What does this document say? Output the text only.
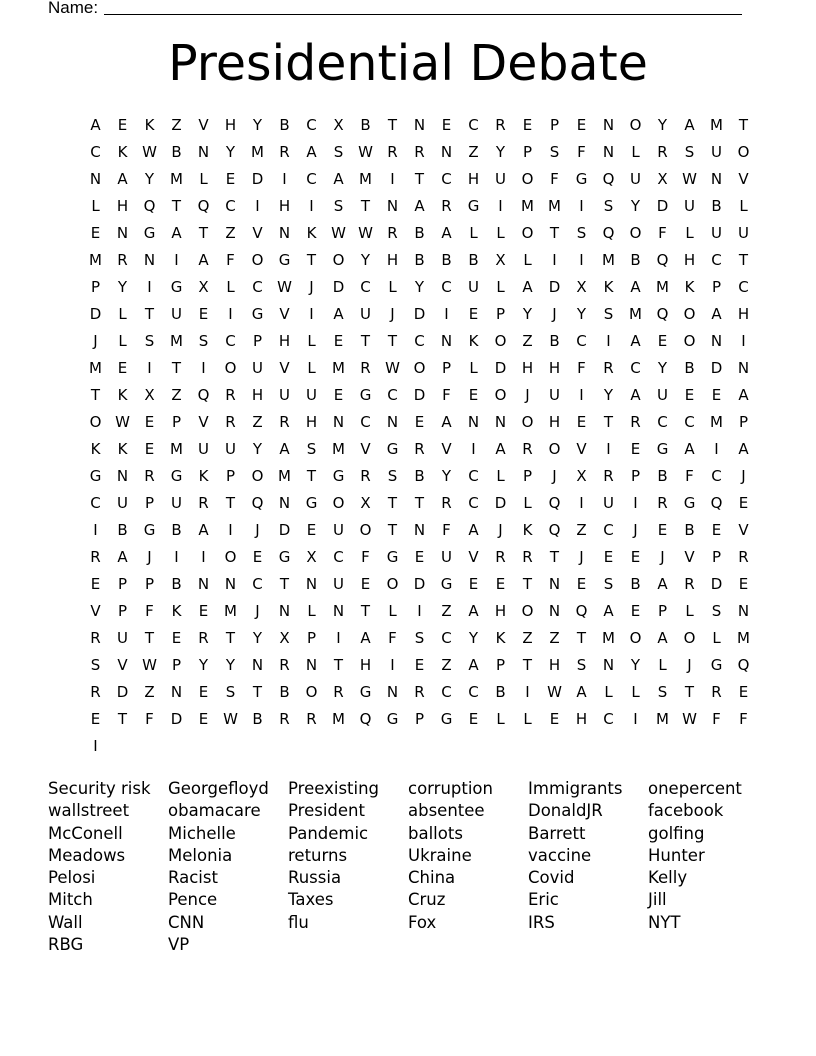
Name:
Presidential Debate
A	E	K	Z	V	H	Y	B	C	X	B	T	N	E	C	R	E	P	E	N	O	Y	A	M	T
C	K W B	N	Y	M	R	A	S W R	R	N	Z	Y	P	S	F	N	L	R	S	U	O
N	A	Y	M	L	E	D	I	C	A	M	I	T	C	H	U	O	F	G	Q	U	X W N	V
L	H	Q	T	Q	C	I	H	I	S	T	N	A	R	G	I	M M	I	S	Y	D	U	B	L
E	N	G	A	T	Z	V	N	K W W R	B	A	L	L	O	T	S	Q	O	F	L	U	U
M	R	N	I	A	F	O	G	T	O	Y	H	B	B	B	X	L	I	I	M	B	Q	H	C	T
P	Y	I	G	X	L	C W	J	D	C	L	Y	C	U	L	A	D	X	K	A	M	K	P	C
D	L	T	U	E	I	G	V	I	A	U	J	D	I	E	P	Y	J	Y	S	M Q	O	A	H
J	L	S	M	S	C	P	H	L	E	T	T	C	N	K	O	Z	B	C	I	A	E	O	N	I
M	E	I	T	I	O	U	V	L	M	R W O	P	L	D	H	H	F	R	C	Y	B	D	N
T	K	X	Z	Q	R	H	U	U	E	G	C	D	F	E	O	J	U	I	Y	A	U	E	E	A
O W E	P	V	R	Z	R	H	N	C	N	E	A	N	N	O	H	E	T	R	C	C	M	P
K	K	E	M	U	U	Y	A	S	M	V	G	R	V	I	A	R	O	V	I	E	G	A	I	A
G	N	R	G	K	P	O M	T	G	R	S	B	Y	C	L	P	J	X	R	P	B	F	C	J
C	U	P	U	R	T	Q	N	G	O	X	T	T	R	C	D	L	Q	I	U	I	R	G	Q	E
I	B	G	B	A	I	J	D	E	U	O	T	N	F	A	J	K	Q	Z	C	J	E	B	E	V
R	A	J	I	I	O	E	G	X	C	F	G	E	U	V	R	R	T	J	E	E	J	V	P	R
E	P	P	B	N	N	C	T	N	U	E	O	D	G	E	E	T	N	E	S	B	A	R	D	E
V	P	F	K	E	M	J	N	L	N	T	L	I	Z	A	H	O	N	Q	A	E	P	L	S	N
R	U	T	E	R	T	Y	X	P	I	A	F	S	C	Y	K	Z	Z	T	M O	A	O	L	M
S	V W	P	Y	Y	N	R	N	T	H	I	E	Z	A	P	T	H	S	N	Y	L	J	G	Q
R	D	Z	N	E	S	T	B	O	R	G	N	R	C	C	B	I	W A	L	L	S	T	R	E
E	T	F	D	E W B	R	R	M Q	G	P	G	E	L	L	E	H	C	I	M W	F	F
I
Security risk	Georgefloyd	Preexisting	corruption	Immigrants	onepercent
wallstreet	obamacare	President	absentee	DonaldJR	facebook
McConell	Michelle	Pandemic	ballots	Barrett	golfing
Meadows	Melonia	returns	Ukraine	vaccine	Hunter
Pelosi	Racist	Russia	China	Covid	Kelly
Mitch	Pence	Taxes	Cruz	Eric	Jill
Wall	CNN	flu	Fox	IRS	NYT
RBG	VP
